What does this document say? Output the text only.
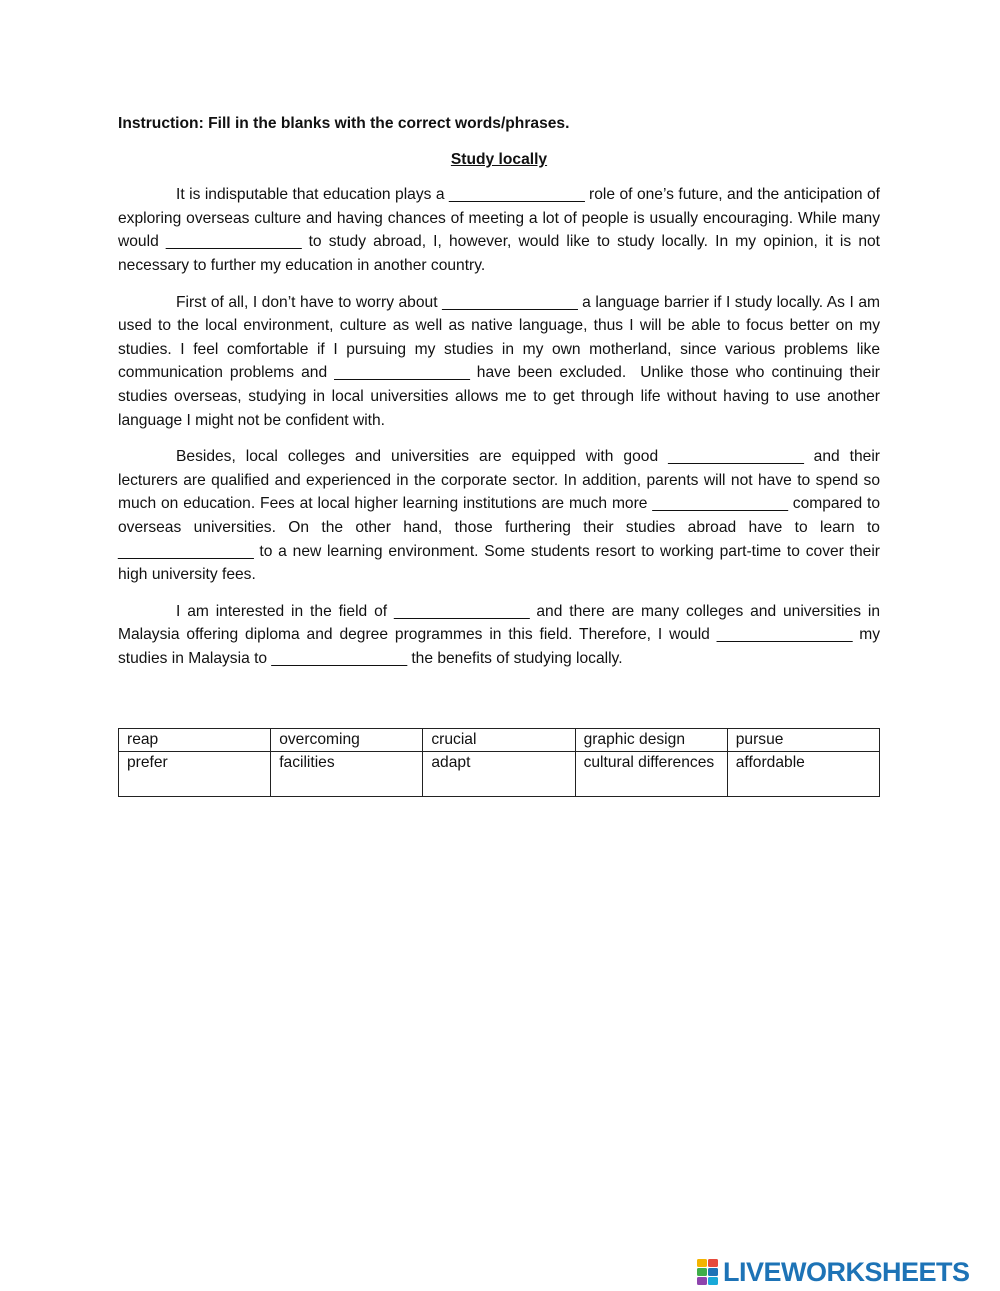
Instruction: Fill in the blanks with the correct words/phrases.
Study locally

It is indisputable that education plays a ________________ role of one’s future, and the anticipation of exploring overseas culture and having chances of meeting a lot of people is usually encouraging. While many would ________________ to study abroad, I, however, would like to study locally. In my opinion, it is not necessary to further my education in another country.

First of all, I don’t have to worry about ________________ a language barrier if I study locally. As I am used to the local environment, culture as well as native language, thus I will be able to focus better on my studies. I feel comfortable if I pursuing my studies in my own motherland, since various problems like communication problems and ________________ have been excluded.  Unlike those who continuing their studies overseas, studying in local universities allows me to get through life without having to use another language I might not be confident with.

Besides, local colleges and universities are equipped with good ________________ and their lecturers are qualified and experienced in the corporate sector. In addition, parents will not have to spend so much on education. Fees at local higher learning institutions are much more ________________ compared to overseas universities. On the other hand, those furthering their studies abroad have to learn to ________________ to a new learning environment. Some students resort to working part-time to cover their high university fees.

I am interested in the field of ________________ and there are many colleges and universities in Malaysia offering diploma and degree programmes in this field. Therefore, I would ________________ my studies in Malaysia to ________________ the benefits of studying locally.

reap	overcoming	crucial	graphic design	pursue
prefer	facilities	adapt	cultural differences	affordable
LIVEWORKSHEETS
